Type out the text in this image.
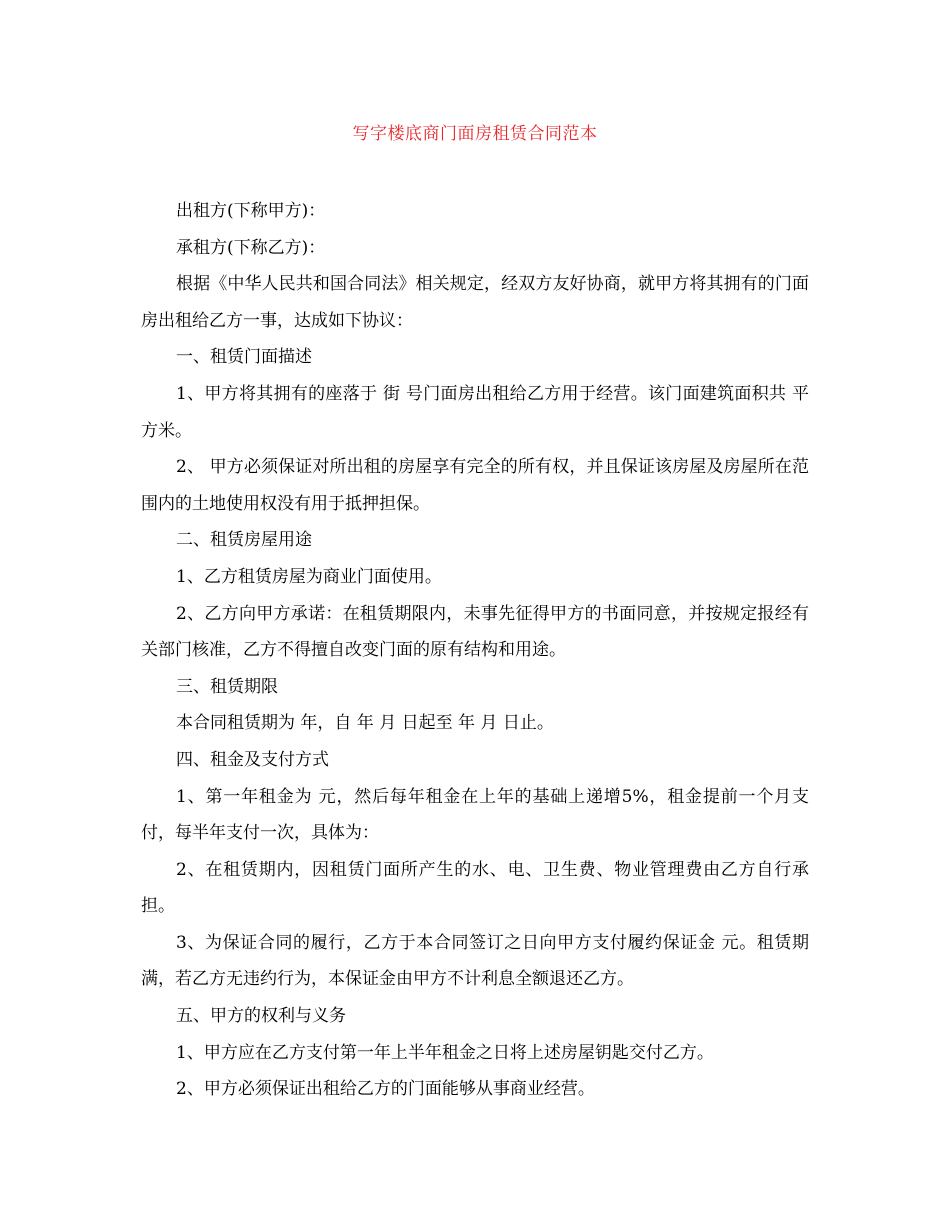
写字楼底商门面房租赁合同范本

出租方(下称甲方)：

承租方(下称乙方)：

根据《中华人民共和国合同法》相关规定，经双方友好协商，就甲方将其拥有的门面房出租给乙方一事，达成如下协议：

一、租赁门面描述

1、甲方将其拥有的座落于 街 号门面房出租给乙方用于经营。该门面建筑面积共 平方米。

2、 甲方必须保证对所出租的房屋享有完全的所有权，并且保证该房屋及房屋所在范围内的土地使用权没有用于抵押担保。

二、租赁房屋用途

1、乙方租赁房屋为商业门面使用。

2、乙方向甲方承诺：在租赁期限内，未事先征得甲方的书面同意，并按规定报经有关部门核准，乙方不得擅自改变门面的原有结构和用途。

三、租赁期限

本合同租赁期为 年，自 年 月 日起至 年 月 日止。

四、租金及支付方式

1、第一年租金为 元，然后每年租金在上年的基础上递增5%，租金提前一个月支付，每半年支付一次，具体为：

2、在租赁期内，因租赁门面所产生的水、电、卫生费、物业管理费由乙方自行承担。

3、为保证合同的履行，乙方于本合同签订之日向甲方支付履约保证金 元。租赁期满，若乙方无违约行为，本保证金由甲方不计利息全额退还乙方。

五、甲方的权利与义务

1、甲方应在乙方支付第一年上半年租金之日将上述房屋钥匙交付乙方。

2、甲方必须保证出租给乙方的门面能够从事商业经营。
